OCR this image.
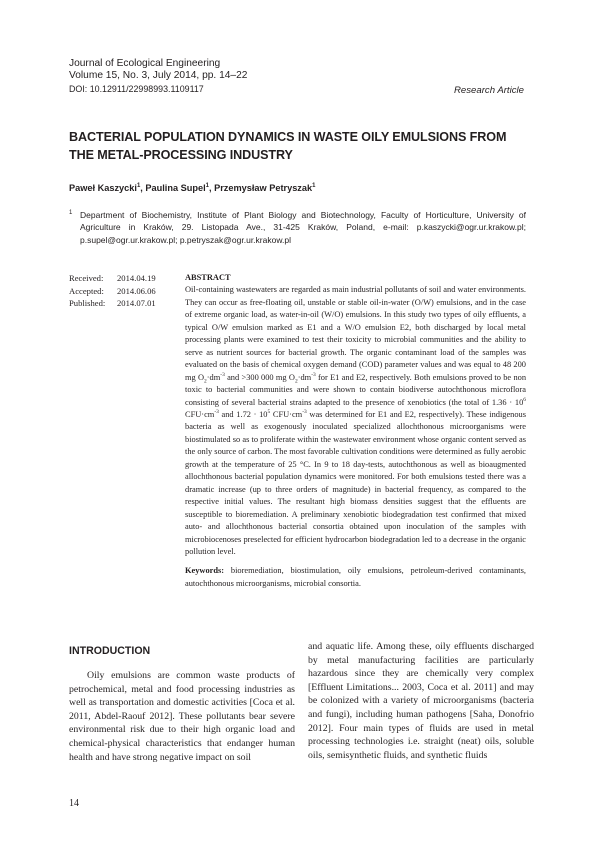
Journal of Ecological Engineering
Volume 15, No. 3, July 2014, pp. 14–22
DOI: 10.12911/22998993.1109117	Research Article
BACTERIAL POPULATION DYNAMICS IN WASTE OILY EMULSIONS FROM
THE METAL-PROCESSING INDUSTRY
Paweł Kaszycki$^1$, Paulina Supel$^1$, Przemysław Petryszak$^1$
1 Department of Biochemistry, Institute of Plant Biology and Biotechnology, Faculty of Horticulture, University of Agriculture in Kraków, 29. Listopada Ave., 31-425 Kraków, Poland, e-mail: p.kaszycki@ogr.ur.krakow.pl; p.supel@ogr.ur.krakow.pl; p.petryszak@ogr.ur.krakow.pl
Received:	2014.04.19
Accepted:	2014.06.06
Published:	2014.07.01
ABSTRACT

Oil-containing wastewaters are regarded as main industrial pollutants of soil and water environments. They can occur as free-floating oil, unstable or stable oil-in-water (O/W) emulsions, and in the case of extreme organic load, as water-in-oil (W/O) emulsions. In this study two types of oily effluents, a typical O/W emulsion marked as E1 and a W/O emulsion E2, both discharged by local metal processing plants were examined to test their toxicity to microbial communities and the ability to serve as nutrient sources for bacterial growth. The organic contaminant load of the samples was evaluated on the basis of chemical oxygen demand (COD) parameter values and was equal to 48 200 mg $O_2\cdot dm^{-3}$ and >300 000 mg $O_2\cdot dm^{-3}$ for E1 and E2, respectively. Both emulsions proved to be non toxic to bacterial communities and were shown to contain biodiverse autochthonous microflora consisting of several bacterial strains adapted to the presence of xenobiotics (the total of $1.36 \cdot 10^6$ $CFU\cdot cm^{-3}$ and $1.72 \cdot 10^5$ $CFU\cdot cm^{-3}$ was determined for E1 and E2, respectively). These indigenous bacteria as well as exogenously inoculated specialized allochthonous microorganisms were biostimulated so as to proliferate within the wastewater environment whose organic content served as the only source of carbon. The most favorable cultivation conditions were determined as fully aerobic growth at the temperature of 25 °C. In 9 to 18 day-tests, autochthonous as well as bioaugmented allochthonous bacterial population dynamics were monitored. For both emulsions tested there was a dramatic increase (up to three orders of magnitude) in bacterial frequency, as compared to the respective initial values. The resultant high biomass densities suggest that the effluents are susceptible to bioremediation. A preliminary xenobiotic biodegradation test confirmed that mixed auto- and allochthonous bacterial consortia obtained upon inoculation of the samples with microbiocenoses preselected for efficient hydrocarbon biodegradation led to a decrease in the organic pollution level.

Keywords: bioremediation, biostimulation, oily emulsions, petroleum-derived contaminants, autochthonous microorganisms, microbial consortia.

INTRODUCTION

Oily emulsions are common waste products of petrochemical, metal and food processing industries as well as transportation and domestic activities [Coca et al. 2011, Abdel-Raouf 2012]. These pollutants bear severe environmental risk due to their high organic load and chemical-physical characteristics that endanger human health and have strong negative impact on soil

and aquatic life. Among these, oily effluents discharged by metal manufacturing facilities are particularly hazardous since they are chemically very complex [Effluent Limitations... 2003, Coca et al. 2011] and may be colonized with a variety of microorganisms (bacteria and fungi), including human pathogens [Saha, Donofrio 2012]. Four main types of fluids are used in metal processing technologies i.e. straight (neat) oils, soluble oils, semisynthetic fluids, and synthetic fluids

14
